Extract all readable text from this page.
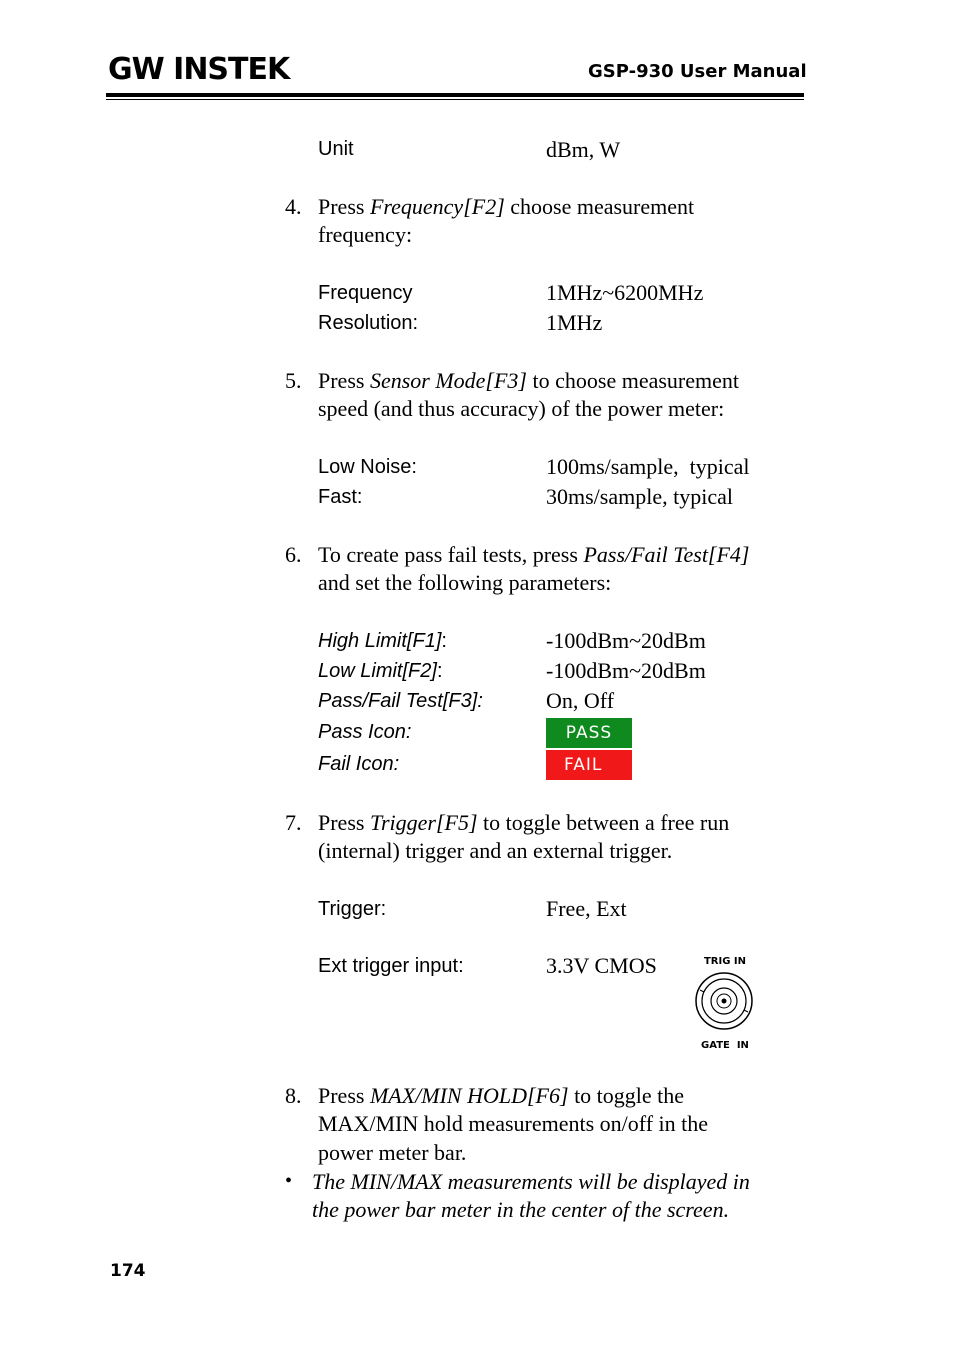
GW INSTEK	GSP-930 User Manual
Unit	dBm, W
4. Press Frequency[F2] choose measurement
frequency:
Frequency	1MHz~6200MHz
Resolution:	1MHz
5. Press Sensor Mode[F3] to choose measurement
speed (and thus accuracy) of the power meter:
Low Noise:	100ms/sample,  typical
Fast:	30ms/sample, typical
6. To create pass fail tests, press Pass/Fail Test[F4]
and set the following parameters:
High Limit[F1]:	-100dBm~20dBm
Low Limit[F2]:	-100dBm~20dBm
Pass/Fail Test[F3]:	On, Off
Pass Icon:	PASS
Fail Icon:	FAIL
7. Press Trigger[F5] to toggle between a free run
(internal) trigger and an external trigger.
Trigger:	Free, Ext
Ext trigger input:	3.3V CMOS	TRIG IN
GATE  IN
8. Press MAX/MIN HOLD[F6] to toggle the
MAX/MIN hold measurements on/off in the
power meter bar.
• The MIN/MAX measurements will be displayed in
the power bar meter in the center of the screen.
174
